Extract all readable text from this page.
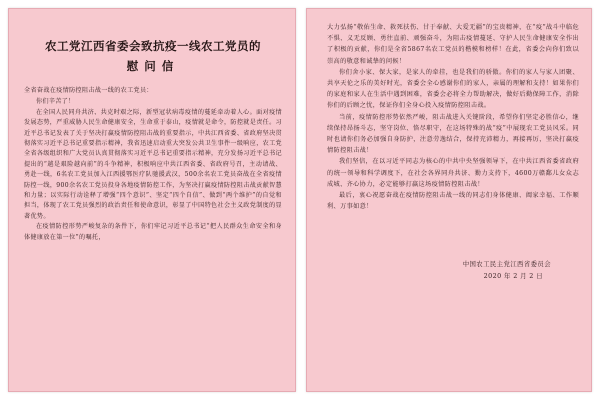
农工党江西省委会致抗疫一线农工党员的
慰问信

全省奋战在疫情防控阻击战一线的农工党员：

你们辛苦了！

在全国人民同舟共济、共克时艰之际，新型冠状病毒疫情的蔓延牵动着人心。面对疫情发展态势，严重威胁人民生命健康安全，生命重于泰山，疫情就是命令，防控就是责任。习近平总书记发表了关于坚决打赢疫情防控阻击战的重要指示，中共江西省委、省政府坚决贯彻落实习近平总书记重要指示精神，我省迅速启动重大突发公共卫生事件一级响应，农工党全省各级组织和广大党员认真贯彻落实习近平总书记重要指示精神，充分发扬习近平总书记提出的“越是艰险越向前”的斗争精神，积极响应中共江西省委、省政府号召，主动请战、勇赴一线，6名农工党员加入江西援鄂医疗队驰援武汉，500余名农工党员奋战在全省疫情防控一线，900余名农工党员投身各地疫情防控工作，为坚决打赢疫情防控阻击战贡献智慧和力量；以实际行动诠释了增强“四个意识”、坚定“四个自信”、做到“两个维护”的自觉和担当，体现了农工党员强烈的政治责任和使命意识，彰显了中国特色社会主义政党制度的显著优势。

在疫情防控形势严峻复杂的条件下，你们牢记习近平总书记“把人民群众生命安全和身体健康放在第一位”的嘱托，

大力弘扬“敬佑生命、救死扶伤、甘于奉献、大爱无疆”的宝贵精神，在“疫”战斗中临危不惧、义无反顾、勇往直前、顽强奋斗，为阻击疫情蔓延、守护人民生命健康安全作出了积极的贡献，你们是全省5867名农工党员的楷模和榜样！在此，省委会向你们致以崇高的敬意和诚挚的问候！

你们舍小家、保大家，是家人的牵挂，也是我们的骄傲。你们的家人与家人团聚、共享天伦之乐的美好时光，省委会全心感谢你们的家人，亲属的理解和支持！如果你们的家庭和家人在生活中遇到困难，省委会必将全力帮助解决，做好后勤保障工作，消除你们的后顾之忧，保证你们全身心投入疫情防控阻击战。

当前，疫情防控形势依然严峻，阻击战进入关键阶段，希望你们坚定必胜信心，继续保持昂扬斗志，坚守岗位、恪尽职守，在这场特殊的战“疫”中展现农工党员风采。同时也请你们务必加强自身防护，注意劳逸结合，保持充沛精力，再接再厉，坚决打赢疫情防控阻击战！

我们坚信，在以习近平同志为核心的中共中央坚强领导下，在中共江西省委省政府的统一领导和科学调度下，在社会各界同舟共济、勠力支持下，4600万赣鄱儿女众志成城、齐心协力，必定能够打赢这场疫情防控阻击战！

最后，衷心祝愿奋战在疫情防控阻击战一线的同志们身体健康、阖家幸福、工作顺利、万事如意！

中国农工民主党江西省委员会

2020 年 2 月 2 日
